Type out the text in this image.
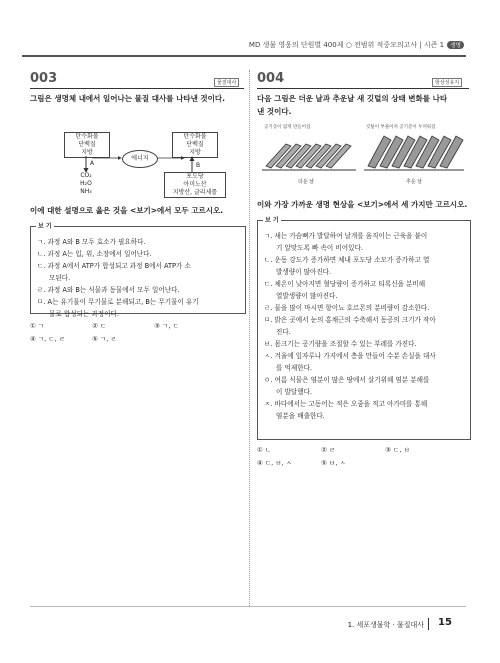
MD 생물 영웅의 단원별 400제 ○ 전범위 적중모의고사 | 시즌 1 생명
003	물질대사
그림은 생명체 내에서 일어나는 물질 대사를 나타낸 것이다.
탄수화물
단백질
지방
탄수화물
단백질
지방
에너지
A	B
CO₂
H₂O
NH₃
포도당
아미노산
지방산, 글리세롤
이에 대한 설명으로 옳은 것을 <보기>에서 모두 고르시오.
보 기
ㄱ. 과정 A와 B 모두 효소가 필요하다.
ㄴ. 과정 A는 입, 위, 소장에서 일어난다.
ㄷ. 과정 A에서 ATP가 합성되고 과정 B에서 ATP가 소
모된다.
ㄹ. 과정 A와 B는 식물과 동물에서 모두 일어난다.
ㅁ. A는 유기물이 무기물로 분해되고, B는 무기물이 유기
물로 합성되는 과정이다.
① ㄱ	② ㄷ	③ ㄱ, ㄷ
④ ㄱ, ㄷ, ㄹ	⑤ ㄱ, ㄹ
004	항상성유지
다음 그림은 더운 날과 추운날 새 깃털의 상태 변화를 나타
낸 것이다.
공기층이 얇게 만들어짐	깃털이 부풀어져 공기층이 두꺼워짐
더운 날	추운 날
이와 가장 가까운 생명 현상을 <보기>에서 세 가지만 고르시오.
보 기
ㄱ. 새는 가슴뼈가 발달하여 날개를 움직이는 근육을 붙이
기 알맞도록 빠 속이 비어있다.
ㄴ. 운동 강도가 증가하면 체내 포도당 소모가 증가하고 열
발생량이 많아진다.
ㄷ. 체온이 낮아지면 혈당량이 증가하고 티록신을 분비해
열발생량이 많아진다.
ㄹ. 물을 많이 마시면 항이뇨 호르몬의 분비량이 감소한다.
ㅁ. 밝은 곳에서 눈의 홍채근의 수축해서 동공의 크기가 작아
진다.
ㅂ. 몸크기는 공기량을 조절할 수 있는 부레를 가진다.
ㅅ. 겨울에 잎자루나 가지에서 층을 만들어 수분 손실을 대사
를 억제한다.
ㅇ. 여름 식물은 염분이 많은 땅에서 살기위해 염분 분해를
이 발달했다.
ㅈ. 바다에서는 고동어는 적은 오줌을 적고 아가미를 통해
염분을 배출한다.
① ㄴ	② ㄹ	③ ㄷ, ㅂ
④ ㄷ, ㅂ, ㅅ	⑤ ㅂ, ㅅ
1. 세포생물학 · 물질대사 15
